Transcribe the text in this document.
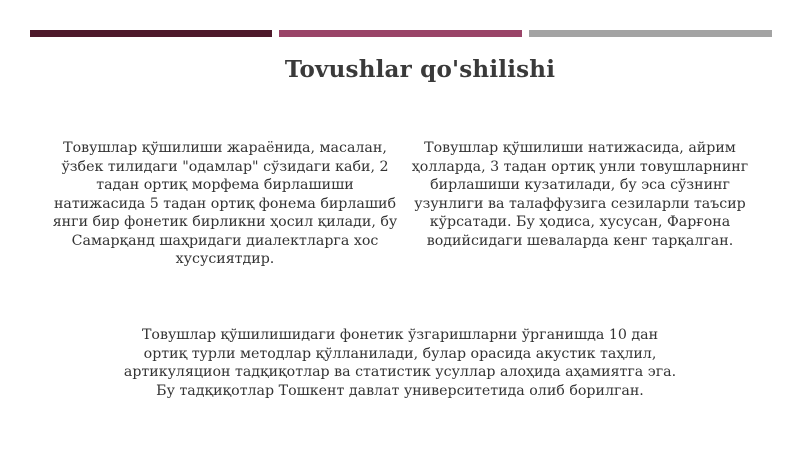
Tovushlar qo'shilishi
Товушлар қўшилиши жараёнида, масалан, ўзбек тилидаги "одамлар" сўзидаги каби, 2 тадан ортиқ морфема бирлашиши натижасида 5 тадан ортиқ фонема бирлашиб янги бир фонетик бирликни ҳосил қилади, бу Самарқанд шаҳридаги диалектларга хос хусусиятдир.
Товушлар қўшилиши натижасида, айрим ҳолларда, 3 тадан ортиқ унли товушларнинг бирлашиши кузатилади, бу эса сўзнинг узунлиги ва талаффузига сезиларли таъсир кўрсатади. Бу ҳодиса, хусусан, Фарғона водийсидаги шеваларда кенг тарқалган.
Товушлар қўшилишидаги фонетик ўзгаришларни ўрганишда 10 дан ортиқ турли методлар қўлланилади, булар орасида акустик таҳлил, артикуляцион тадқиқотлар ва статистик усуллар алоҳида аҳамиятга эга. Бу тадқиқотлар Тошкент давлат университетида олиб борилган.
